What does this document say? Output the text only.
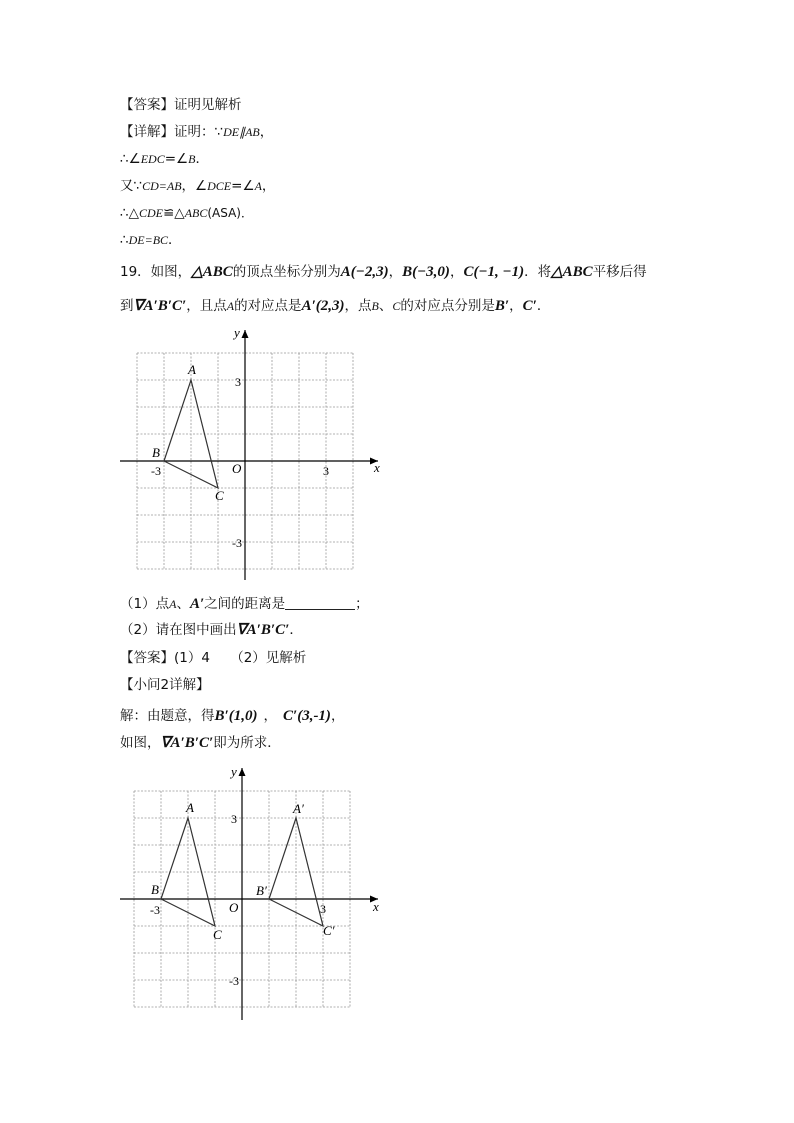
【答案】证明见解析
【详解】证明：∵DE∥AB，
∴∠EDC=∠B．
又∵CD=AB，∠DCE=∠A，
∴△CDE≌△ABC(ASA)．
∴DE=BC．
19．如图，△ABC的顶点坐标分别为A(−2,3)，B(−3,0)，C(−1, −1)．将△ABC平移后得
到∇A′B′C′，且点A的对应点是A′(2,3)，点B、C的对应点分别是B′，C′．
x
y
O	3
-3
3
-3
A
B
C
（1）点A、A′之间的距离是	；
（2）请在图中画出∇A′B′C′．
【答案】(1）4　　（2）见解析
【小问2详解】
解：由题意，得B′(1,0) ， C′(3,-1)，
如图，∇A′B′C′即为所求．
x
y
O	3
-3
3
-3
A
B
C
A′
B′
C′
